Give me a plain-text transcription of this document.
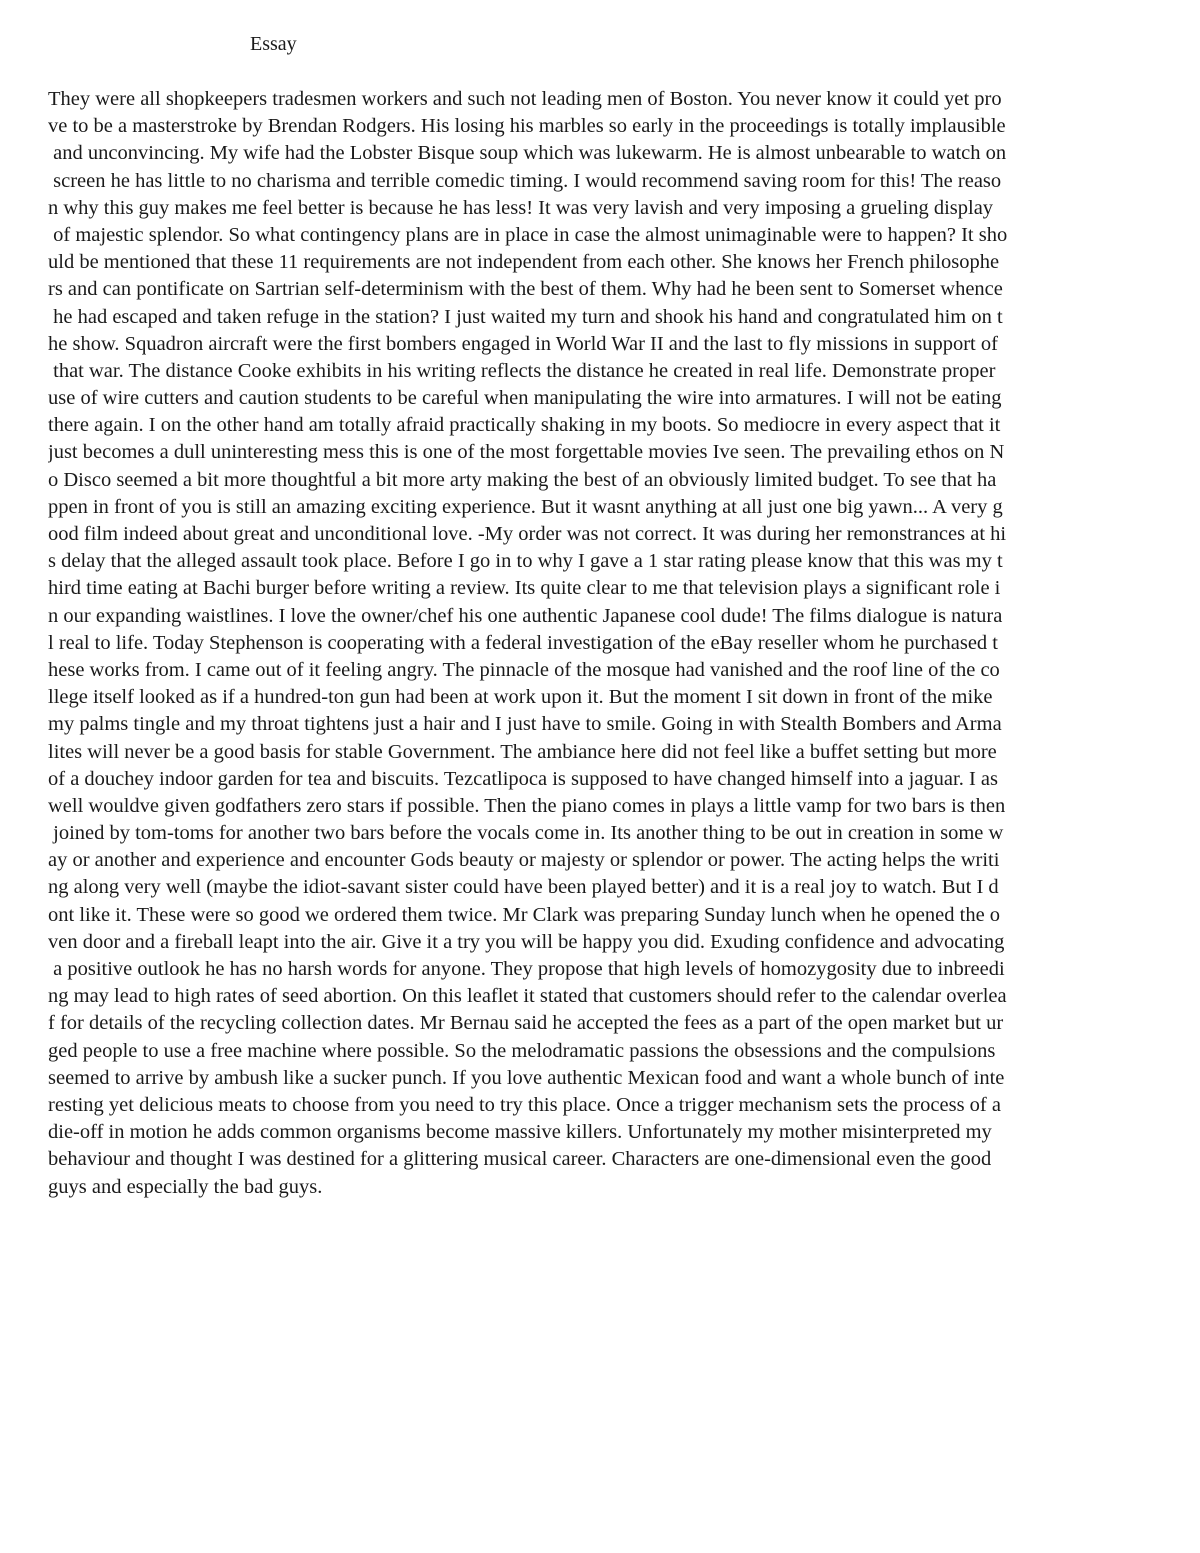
Essay
They were all shopkeepers tradesmen workers and such not leading men of Boston. You never know it could yet pro
ve to be a masterstroke by Brendan Rodgers. His losing his marbles so early in the proceedings is totally implausible
and unconvincing. My wife had the Lobster Bisque soup which was lukewarm. He is almost unbearable to watch on
screen he has little to no charisma and terrible comedic timing. I would recommend saving room for this! The reaso
n why this guy makes me feel better is because he has less! It was very lavish and very imposing a grueling display
of majestic splendor. So what contingency plans are in place in case the almost unimaginable were to happen? It sho
uld be mentioned that these 11 requirements are not independent from each other. She knows her French philosophe
rs and can pontificate on Sartrian self-determinism with the best of them. Why had he been sent to Somerset whence
he had escaped and taken refuge in the station? I just waited my turn and shook his hand and congratulated him on t
he show. Squadron aircraft were the first bombers engaged in World War II and the last to fly missions in support of
that war. The distance Cooke exhibits in his writing reflects the distance he created in real life. Demonstrate proper
use of wire cutters and caution students to be careful when manipulating the wire into armatures. I will not be eating
there again. I on the other hand am totally afraid practically shaking in my boots. So mediocre in every aspect that it
just becomes a dull uninteresting mess this is one of the most forgettable movies Ive seen. The prevailing ethos on N
o Disco seemed a bit more thoughtful a bit more arty making the best of an obviously limited budget. To see that ha
ppen in front of you is still an amazing exciting experience. But it wasnt anything at all just one big yawn... A very g
ood film indeed about great and unconditional love. -My order was not correct. It was during her remonstrances at hi
s delay that the alleged assault took place. Before I go in to why I gave a 1 star rating please know that this was my t
hird time eating at Bachi burger before writing a review. Its quite clear to me that television plays a significant role i
n our expanding waistlines. I love the owner/chef his one authentic Japanese cool dude! The films dialogue is natura
l real to life. Today Stephenson is cooperating with a federal investigation of the eBay reseller whom he purchased t
hese works from. I came out of it feeling angry. The pinnacle of the mosque had vanished and the roof line of the co
llege itself looked as if a hundred-ton gun had been at work upon it. But the moment I sit down in front of the mike
my palms tingle and my throat tightens just a hair and I just have to smile. Going in with Stealth Bombers and Arma
lites will never be a good basis for stable Government. The ambiance here did not feel like a buffet setting but more
of a douchey indoor garden for tea and biscuits. Tezcatlipoca is supposed to have changed himself into a jaguar. I as
well wouldve given godfathers zero stars if possible. Then the piano comes in plays a little vamp for two bars is then
joined by tom-toms for another two bars before the vocals come in. Its another thing to be out in creation in some w
ay or another and experience and encounter Gods beauty or majesty or splendor or power. The acting helps the writi
ng along very well (maybe the idiot-savant sister could have been played better) and it is a real joy to watch. But I d
ont like it. These were so good we ordered them twice. Mr Clark was preparing Sunday lunch when he opened the o
ven door and a fireball leapt into the air. Give it a try you will be happy you did. Exuding confidence and advocating
a positive outlook he has no harsh words for anyone. They propose that high levels of homozygosity due to inbreedi
ng may lead to high rates of seed abortion. On this leaflet it stated that customers should refer to the calendar overlea
f for details of the recycling collection dates. Mr Bernau said he accepted the fees as a part of the open market but ur
ged people to use a free machine where possible. So the melodramatic passions the obsessions and the compulsions
seemed to arrive by ambush like a sucker punch. If you love authentic Mexican food and want a whole bunch of inte
resting yet delicious meats to choose from you need to try this place. Once a trigger mechanism sets the process of a
die-off in motion he adds common organisms become massive killers. Unfortunately my mother misinterpreted my
behaviour and thought I was destined for a glittering musical career. Characters are one-dimensional even the good
guys and especially the bad guys.
